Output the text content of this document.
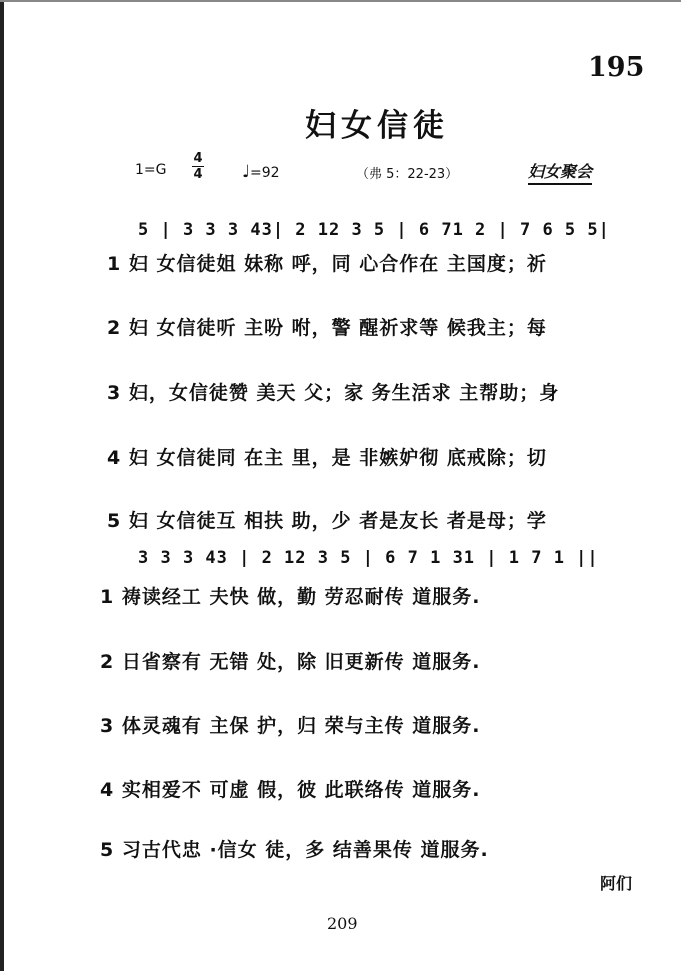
195
妇女信徒
1=G
4
4 ♩=92	（弗 5：22-23）	妇女聚会
5 | 3 3 3 43| 2 12 3 5 | 6 71 2 | 7 6 5 5|
1 妇 女信徒姐 妹称 呼，同 心合作在 主国度；祈
2 妇 女信徒听 主吩 咐，警 醒祈求等 候我主；每
3 妇，女信徒赞 美天 父；家 务生活求 主帮助；身
4 妇 女信徒同 在主 里，是 非嫉妒彻 底戒除；切
5 妇 女信徒互 相扶 助，少 者是友长 者是母；学
3 3 3 43 | 2 12 3 5 | 6 7 1 31 | 1 7 1 ||
1 祷读经工 夫快 做，勤 劳忍耐传 道服务.
2 日省察有 无错 处，除 旧更新传 道服务.
3 体灵魂有 主保 护，归 荣与主传 道服务.
4 实相爱不 可虚 假，彼 此联络传 道服务.
5 习古代忠 ·信女 徒，多 结善果传 道服务.
阿们
209
